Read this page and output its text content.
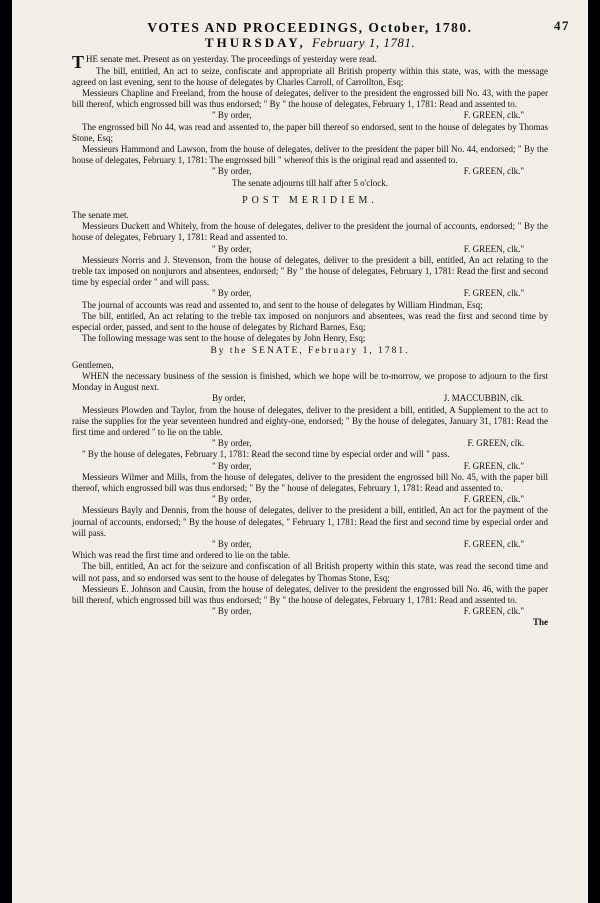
VOTES AND PROCEEDINGS, October, 1780.	47
THURSDAY, February 1, 1781.

THE senate met. Present as on yesterday. The proceedings of yesterday were read.

The bill, entitled, An act to seize, confiscate and appropriate all British property within this state, was, with the message agreed on last evening, sent to the house of delegates by Charles Carroll, of Carrollton, Esq;

Messieurs Chapline and Freeland, from the house of delegates, deliver to the president the engrossed bill No. 43, with the paper bill thereof, which engrossed bill was thus endorsed; " By " the house of delegates, February 1, 1781: Read and assented to.

" By order,	F. GREEN, clk."

The engrossed bill No 44, was read and assented to, the paper bill thereof so endorsed, sent to the house of delegates by Thomas Stone, Esq;

Messieurs Hammond and Lawson, from the house of delegates, deliver to the president the paper bill No. 44, endorsed; " By the house of delegates, February 1, 1781: The engrossed bill " whereof this is the original read and assented to.

" By order,	F. GREEN, clk."

The senate adjourns till half after 5 o'clock.

POST MERIDIEM.

The senate met.

Messieurs Duckett and Whitely, from the house of delegates, deliver to the president the journal of accounts, endorsed; " By the house of delegates, February 1, 1781: Read and assented to.

" By order,	F. GREEN, clk."

Messieurs Norris and J. Stevenson, from the house of delegates, deliver to the president a bill, entitled, An act relating to the treble tax imposed on nonjurors and absentees, endorsed; " By " the house of delegates, February 1, 1781: Read the first and second time by especial order " and will pass.

" By order,	F. GREEN, clk."

The journal of accounts was read and assented to, and sent to the house of delegates by William Hindman, Esq;

The bill, entitled, An act relating to the treble tax imposed on nonjurors and absentees, was read the first and second time by especial order, passed, and sent to the house of delegates by Richard Barnes, Esq;

The following message was sent to the house of delegates by John Henry, Esq;

By the SENATE, February 1, 1781.

Gentlemen,

WHEN the necessary business of the session is finished, which we hope will be to-morrow, we propose to adjourn to the first Monday in August next.

By order,	J. MACCUBBIN, clk.

Messieurs Plowden and Taylor, from the house of delegates, deliver to the president a bill, entitled, A Supplement to the act to raise the supplies for the year seventeen hundred and eighty-one, endorsed; " By the house of delegates, January 31, 1781: Read the first time and ordered " to lie on the table.

" By order,	F. GREEN, clk.

" By the house of delegates, February 1, 1781: Read the second time by especial order and will " pass.

" By order,	F. GREEN, clk."

Messieurs Wilmer and Mills, from the house of delegates, deliver to the president the engrossed bill No. 45, with the paper bill thereof, which engrossed bill was thus endorsed; " By the " house of delegates, February 1, 1781: Read and assented to.

" By order,	F. GREEN, clk."

Messieurs Bayly and Dennis, from the house of delegates, deliver to the president a bill, entitled, An act for the payment of the journal of accounts, endorsed; " By the house of delegates, " February 1, 1781: Read the first and second time by especial order and will pass.

" By order,	F. GREEN, clk."

Which was read the first time and ordered to lie on the table.

The bill, entitled, An act for the seizure and confiscation of all British property within this state, was read the second time and will not pass, and so endorsed was sent to the house of delegates by Thomas Stone, Esq;

Messieurs E. Johnson and Causin, from the house of delegates, deliver to the president the engrossed bill No. 46, with the paper bill thereof, which engrossed bill was thus endorsed; " By " the house of delegates, February 1, 1781: Read and assented to.

" By order,	F. GREEN, clk."
The
